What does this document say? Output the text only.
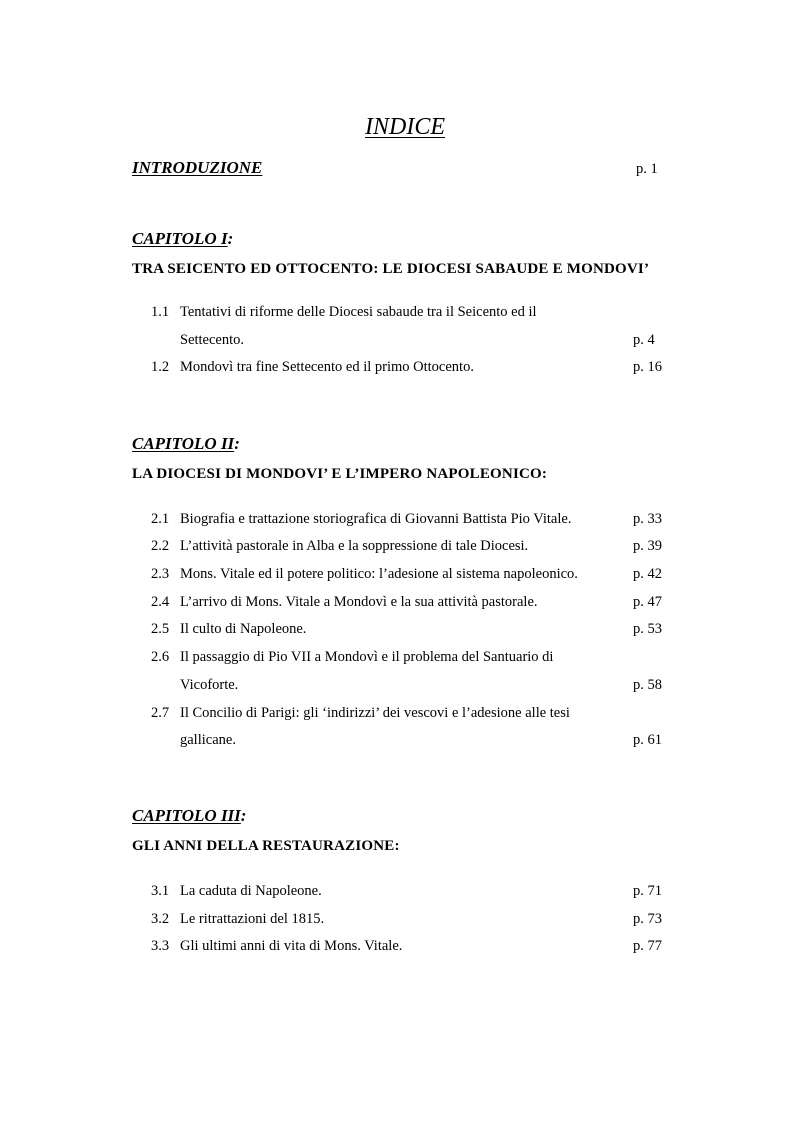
INDICE
INTRODUZIONE	p. 1
CAPITOLO I:
TRA SEICENTO ED OTTOCENTO: LE DIOCESI SABAUDE E MONDOVI’
1.1 Tentativi di riforme delle Diocesi sabaude tra il Seicento ed il
Settecento.	p. 4
1.2 Mondovì tra fine Settecento ed il primo Ottocento.	p. 16
CAPITOLO II:
LA DIOCESI DI MONDOVI’ E L’IMPERO NAPOLEONICO:
2.1 Biografia e trattazione storiografica di Giovanni Battista Pio Vitale.	p. 33
2.2 L’attività pastorale in Alba e la soppressione di tale Diocesi.	p. 39
2.3 Mons. Vitale ed il potere politico: l’adesione al sistema napoleonico.	p. 42
2.4 L’arrivo di Mons. Vitale a Mondovì e la sua attività pastorale.	p. 47
2.5 Il culto di Napoleone.	p. 53
2.6 Il passaggio di Pio VII a Mondovì e il problema del Santuario di
Vicoforte.	p. 58
2.7 Il Concilio di Parigi: gli ‘indirizzi’ dei vescovi e l’adesione alle tesi
gallicane.	p. 61
CAPITOLO III:
GLI ANNI DELLA RESTAURAZIONE:
3.1 La caduta di Napoleone.	p. 71
3.2 Le ritrattazioni del 1815.	p. 73
3.3 Gli ultimi anni di vita di Mons. Vitale.	p. 77
